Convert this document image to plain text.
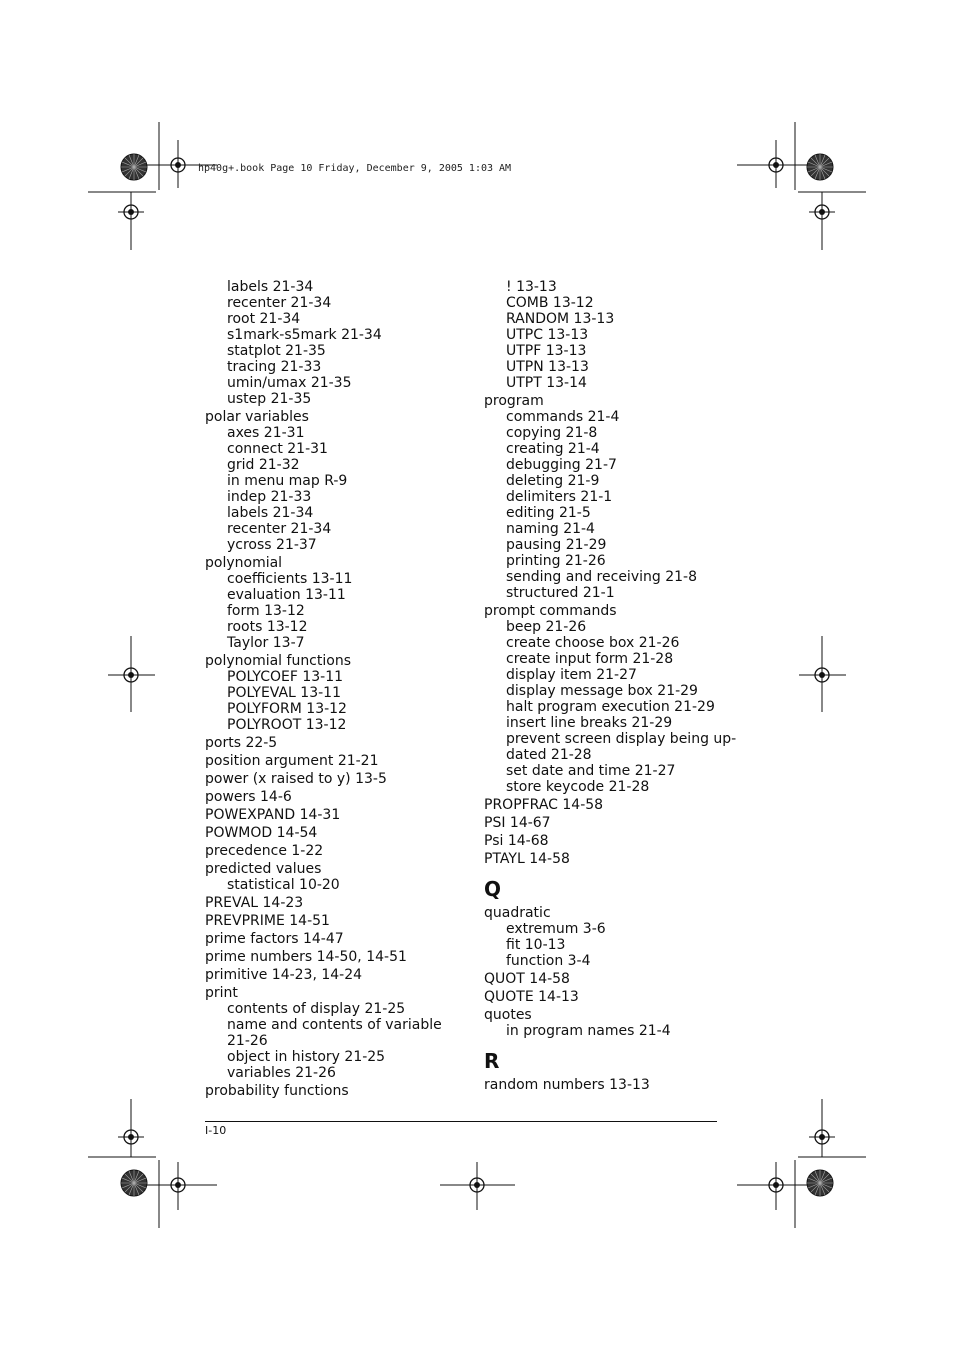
hp40g+.book Page 10 Friday, December 9, 2005 1:03 AM
labels 21-34
recenter 21-34
root 21-34
s1mark-s5mark 21-34
statplot 21-35
tracing 21-33
umin/umax 21-35
ustep 21-35
polar variables
axes 21-31
connect 21-31
grid 21-32
in menu map R-9
indep 21-33
labels 21-34
recenter 21-34
ycross 21-37
polynomial
coefficients 13-11
evaluation 13-11
form 13-12
roots 13-12
Taylor 13-7
polynomial functions
POLYCOEF 13-11
POLYEVAL 13-11
POLYFORM 13-12
POLYROOT 13-12
ports 22-5
position argument 21-21
power (x raised to y) 13-5
powers 14-6
POWEXPAND 14-31
POWMOD 14-54
precedence 1-22
predicted values
statistical 10-20
PREVAL 14-23
PREVPRIME 14-51
prime factors 14-47
prime numbers 14-50, 14-51
primitive 14-23, 14-24
print
contents of display 21-25
name and contents of variable
21-26
object in history 21-25
variables 21-26
probability functions
! 13-13
COMB 13-12
RANDOM 13-13
UTPC 13-13
UTPF 13-13
UTPN 13-13
UTPT 13-14
program
commands 21-4
copying 21-8
creating 21-4
debugging 21-7
deleting 21-9
delimiters 21-1
editing 21-5
naming 21-4
pausing 21-29
printing 21-26
sending and receiving 21-8
structured 21-1
prompt commands
beep 21-26
create choose box 21-26
create input form 21-28
display item 21-27
display message box 21-29
halt program execution 21-29
insert line breaks 21-29
prevent screen display being up-
dated 21-28
set date and time 21-27
store keycode 21-28
PROPFRAC 14-58
PSI 14-67
Psi 14-68
PTAYL 14-58
Q
quadratic
extremum 3-6
fit 10-13
function 3-4
QUOT 14-58
QUOTE 14-13
quotes
in program names 21-4
R
random numbers 13-13
I-10
